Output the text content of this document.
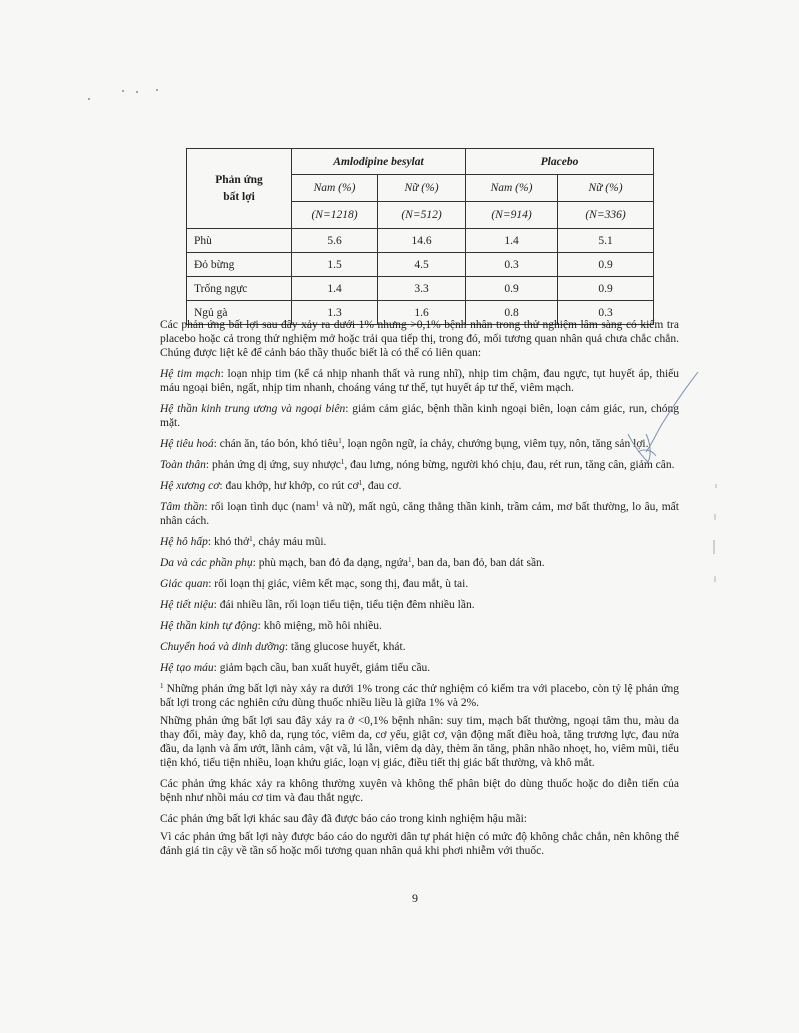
Phản ứng
bất lợi	Amlodipine besylat		Placebo	
	Nam (%)	Nữ (%)	Nam (%)	Nữ (%)
	(N=1218)	(N=512)	(N=914)	(N=336)
Phù	5.6	14.6	1.4	5.1
Đỏ bừng	1.5	4.5	0.3	0.9
Trống ngực	1.4	3.3	0.9	0.9
Ngủ gà	1.3	1.6	0.8	0.3

Các phản ứng bất lợi sau đây xảy ra dưới 1% nhưng >0,1% bệnh nhân trong thử nghiệm lâm sàng có kiểm tra placebo hoặc cả trong thử nghiệm mở hoặc trải qua tiếp thị, trong đó, mối tương quan nhân quả chưa chắc chắn. Chúng được liệt kê để cảnh báo thầy thuốc biết là có thể có liên quan:

Hệ tim mạch: loạn nhịp tim (kể cả nhịp nhanh thất và rung nhĩ), nhịp tim chậm, đau ngực, tụt huyết áp, thiếu máu ngoại biên, ngất, nhịp tim nhanh, choáng váng tư thế, tụt huyết áp tư thế, viêm mạch.

Hệ thần kinh trung ương và ngoại biên: giảm cảm giác, bệnh thần kinh ngoại biên, loạn cảm giác, run, chóng mặt.

Hệ tiêu hoá: chán ăn, táo bón, khó tiêu$^1$, loạn ngôn ngữ, ỉa chảy, chướng bụng, viêm tụy, nôn, tăng sản lợi.

Toàn thân: phản ứng dị ứng, suy nhược$^1$, đau lưng, nóng bừng, người khó chịu, đau, rét run, tăng cân, giảm cân.

Hệ xương cơ: đau khớp, hư khớp, co rút $cơ^1$, đau cơ.

Tâm thần: rối loạn tình dục (nam$^1$ và nữ), mất ngủ, căng thẳng thần kinh, trầm cảm, mơ bất thường, lo âu, mất nhân cách.

Hệ hô hấp: khó thở$^1$, chảy máu mũi.

Da và các phần phụ: phù mạch, ban đỏ đa dạng, ngứa$^1$, ban da, ban đỏ, ban dát sần.

Giác quan: rối loạn thị giác, viêm kết mạc, song thị, đau mắt, ù tai.

Hệ tiết niệu: đái nhiều lần, rối loạn tiểu tiện, tiểu tiện đêm nhiều lần.

Hệ thần kinh tự động: khô miệng, mồ hôi nhiều.

Chuyển hoá và dinh dưỡng: tăng glucose huyết, khát.

Hệ tạo máu: giảm bạch cầu, ban xuất huyết, giảm tiểu cầu.

$^1$ Những phản ứng bất lợi này xảy ra dưới 1% trong các thử nghiệm có kiểm tra với placebo, còn tỷ lệ phản ứng bất lợi trong các nghiên cứu dùng thuốc nhiều liều là giữa 1% và 2%.

Những phản ứng bất lợi sau đây xảy ra ở <0,1% bệnh nhân: suy tim, mạch bất thường, ngoại tâm thu, màu da thay đổi, mày đay, khô da, rụng tóc, viêm da, cơ yếu, giật cơ, vận động mất điều hoà, tăng trương lực, đau nửa đầu, da lạnh và ẩm ướt, lãnh cảm, vật vã, lú lẫn, viêm dạ dày, thèm ăn tăng, phân nhão nhoẹt, ho, viêm mũi, tiểu tiện khó, tiểu tiện nhiều, loạn khứu giác, loạn vị giác, điều tiết thị giác bất thường, và khô mắt.

Các phản ứng khác xảy ra không thường xuyên và không thể phân biệt do dùng thuốc hoặc do diễn tiến của bệnh như nhồi máu cơ tim và đau thắt ngực.

Các phản ứng bất lợi khác sau đây đã được báo cáo trong kinh nghiệm hậu mãi:

Vì các phản ứng bất lợi này được báo cáo do người dân tự phát hiện có mức độ không chắc chắn, nên không thể đánh giá tin cậy về tần số hoặc mối tương quan nhân quả khi phơi nhiễm với thuốc.

9
